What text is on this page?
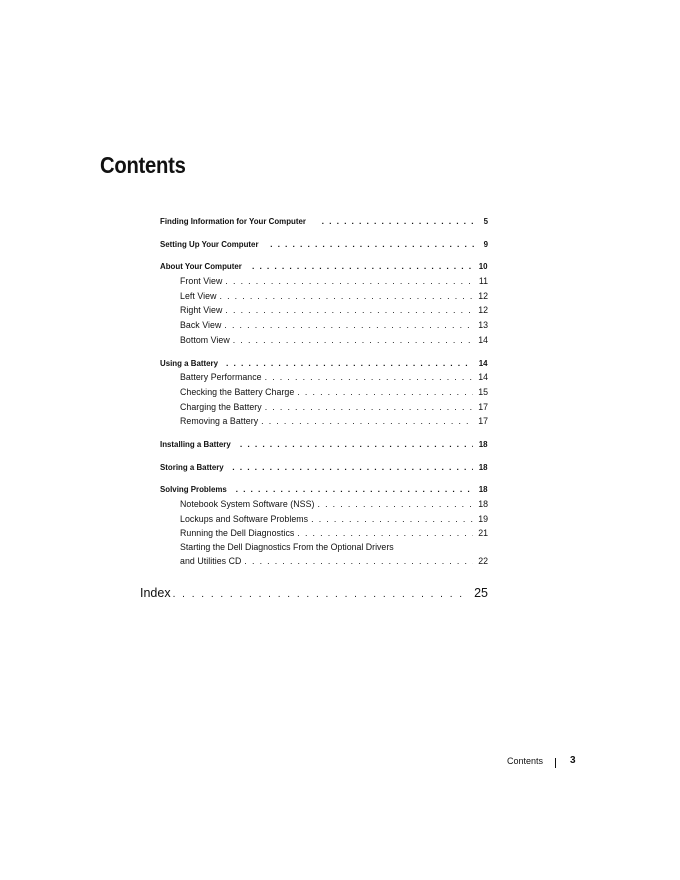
Contents
Finding Information for Your Computer . . .	5
Setting Up Your Computer . . .	9
About Your Computer . . .	10
Front View . . .	11
Left View . . .	12
Right View . . .	12
Back View . . .	13
Bottom View . . .	14
Using a Battery . . .	14
Battery Performance . . .	14
Checking the Battery Charge . . .	15
Charging the Battery . . .	17
Removing a Battery . . .	17
Installing a Battery . . .	18
Storing a Battery . . .	18
Solving Problems . . .	18
Notebook System Software (NSS) . . .	18
Lockups and Software Problems . . .	19
Running the Dell Diagnostics . . .	21
Starting the Dell Diagnostics From the Optional Drivers
and Utilities CD . . .	22
Index . . .	25
Contents	3
